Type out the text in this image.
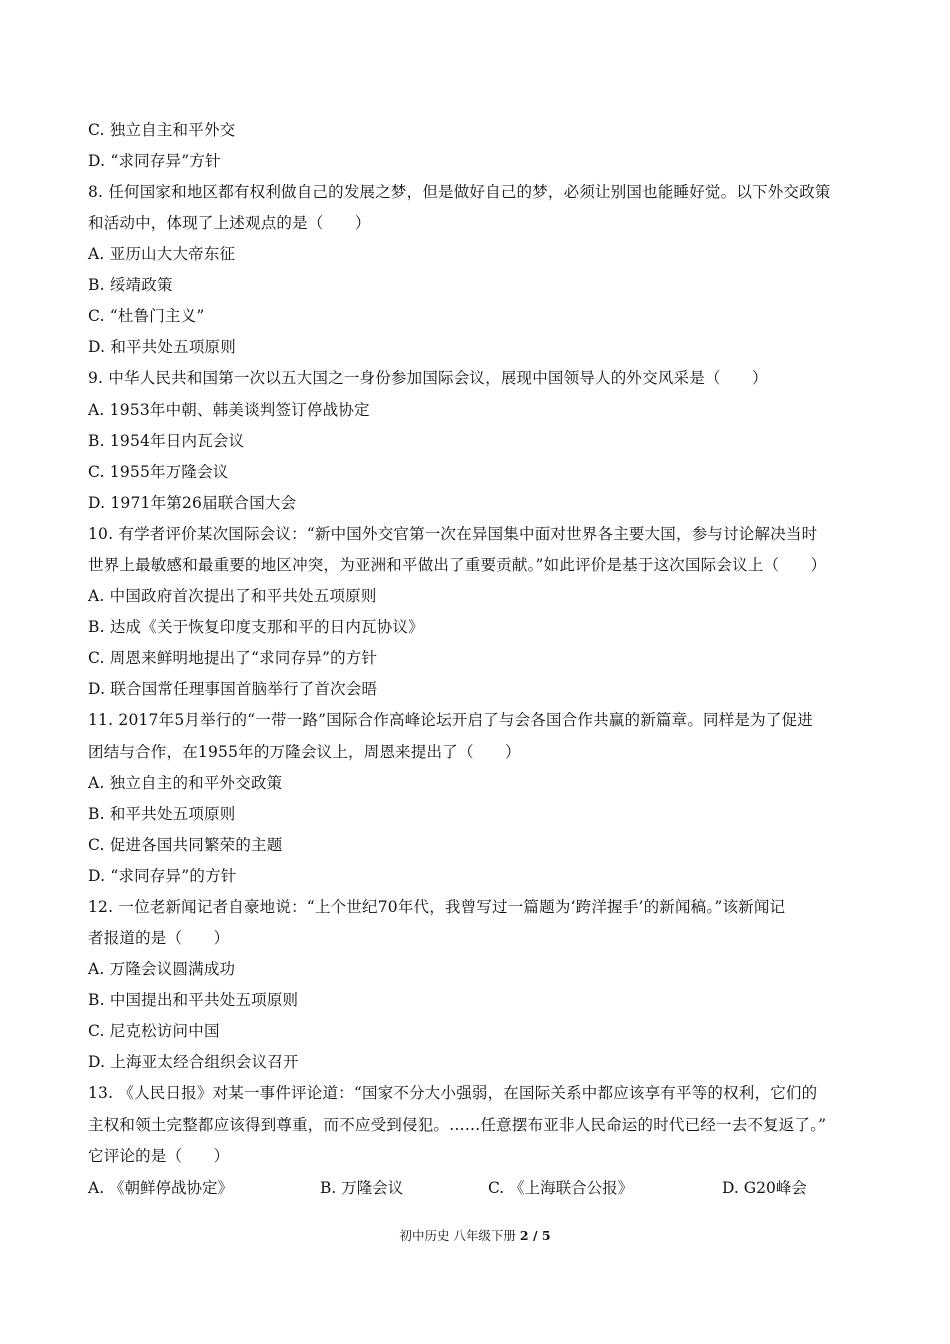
C. 独立自主和平外交
D. “求同存异”方针
8. 任何国家和地区都有权利做自己的发展之梦，但是做好自己的梦，必须让别国也能睡好觉。以下外交政策
和活动中，体现了上述观点的是（　　）
A. 亚历山大大帝东征
B. 绥靖政策
C. “杜鲁门主义”
D. 和平共处五项原则
9. 中华人民共和国第一次以五大国之一身份参加国际会议，展现中国领导人的外交风采是（　　）
A. 1953年中朝、韩美谈判签订停战协定
B. 1954年日内瓦会议
C. 1955年万隆会议
D. 1971年第26届联合国大会
10. 有学者评价某次国际会议：“新中国外交官第一次在异国集中面对世界各主要大国，参与讨论解决当时
世界上最敏感和最重要的地区冲突，为亚洲和平做出了重要贡献。”如此评价是基于这次国际会议上（　　）
A. 中国政府首次提出了和平共处五项原则
B. 达成《关于恢复印度支那和平的日内瓦协议》
C. 周恩来鲜明地提出了“求同存异”的方针
D. 联合国常任理事国首脑举行了首次会晤
11. 2017年5月举行的“一带一路”国际合作高峰论坛开启了与会各国合作共赢的新篇章。同样是为了促进
团结与合作，在1955年的万隆会议上，周恩来提出了（　　）
A. 独立自主的和平外交政策
B. 和平共处五项原则
C. 促进各国共同繁荣的主题
D. “求同存异”的方针
12. 一位老新闻记者自豪地说：“上个世纪70年代，我曾写过一篇题为‘跨洋握手’的新闻稿。”该新闻记
者报道的是（　　）
A. 万隆会议圆满成功
B. 中国提出和平共处五项原则
C. 尼克松访问中国
D. 上海亚太经合组织会议召开
13. 《人民日报》对某一事件评论道：“国家不分大小强弱，在国际关系中都应该享有平等的权利，它们的
主权和领土完整都应该得到尊重，而不应受到侵犯。……任意摆布亚非人民命运的时代已经一去不复返了。”
它评论的是（　　）
A. 《朝鲜停战协定》	B. 万隆会议	C. 《上海联合公报》	D. G20峰会
初中历史 八年级下册 2 / 5
